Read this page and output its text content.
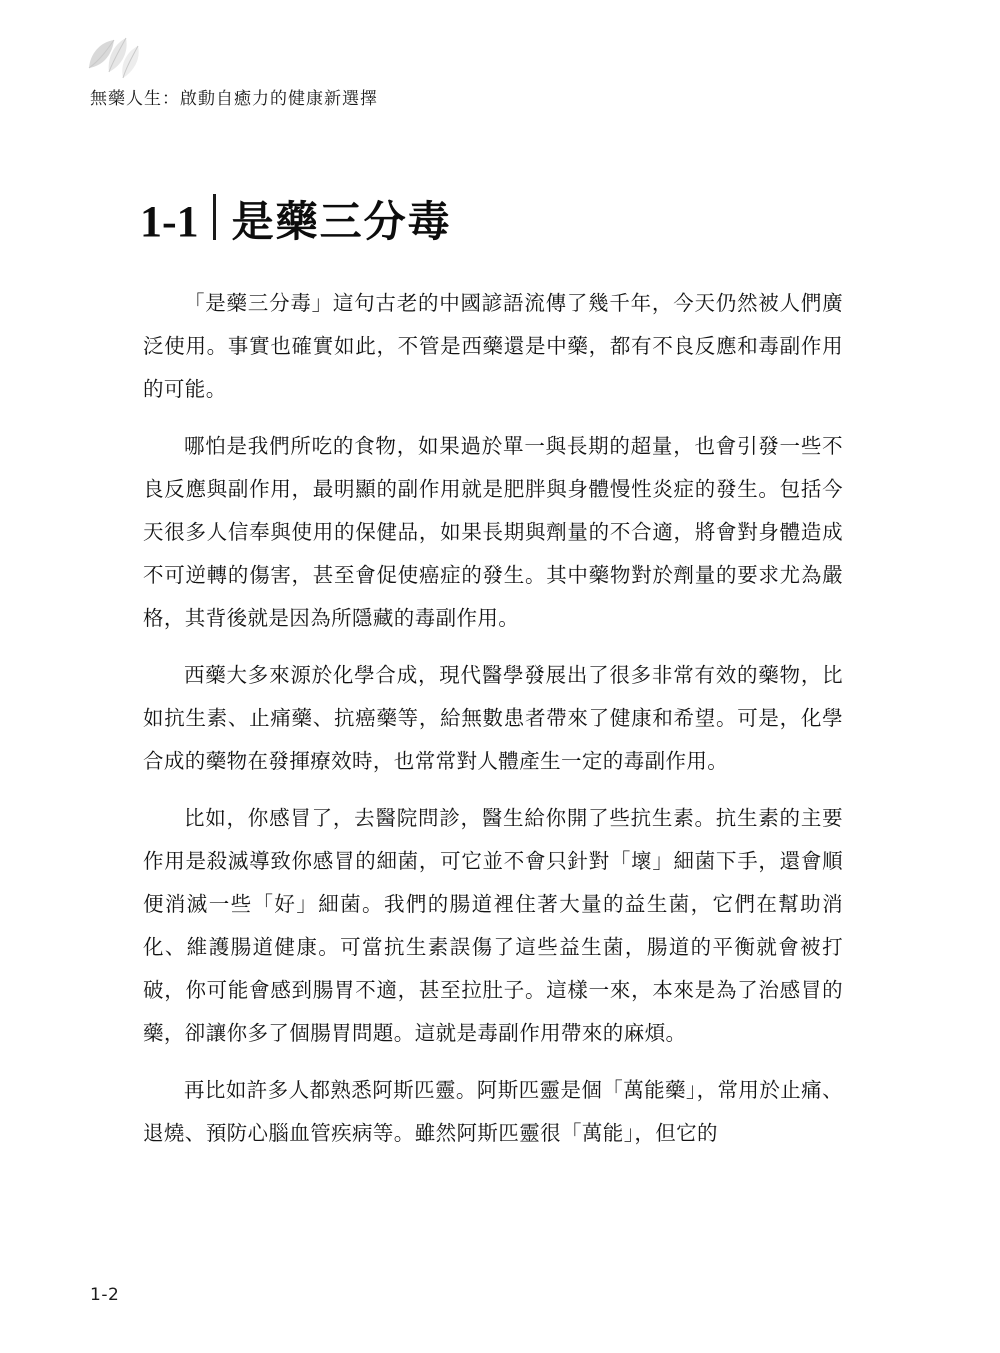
無藥人生：啟動自癒力的健康新選擇
1-1 是藥三分毒

「是藥三分毒」這句古老的中國諺語流傳了幾千年，今天仍然被人們廣泛使用。事實也確實如此，不管是西藥還是中藥，都有不良反應和毒副作用的可能。

哪怕是我們所吃的食物，如果過於單一與長期的超量，也會引發一些不良反應與副作用，最明顯的副作用就是肥胖與身體慢性炎症的發生。包括今天很多人信奉與使用的保健品，如果長期與劑量的不合適，將會對身體造成不可逆轉的傷害，甚至會促使癌症的發生。其中藥物對於劑量的要求尤為嚴格，其背後就是因為所隱藏的毒副作用。

西藥大多來源於化學合成，現代醫學發展出了很多非常有效的藥物，比如抗生素、止痛藥、抗癌藥等，給無數患者帶來了健康和希望。可是，化學合成的藥物在發揮療效時，也常常對人體產生一定的毒副作用。

比如，你感冒了，去醫院問診，醫生給你開了些抗生素。抗生素的主要作用是殺滅導致你感冒的細菌，可它並不會只針對「壞」細菌下手，還會順便消滅一些「好」細菌。我們的腸道裡住著大量的益生菌，它們在幫助消化、維護腸道健康。可當抗生素誤傷了這些益生菌，腸道的平衡就會被打破，你可能會感到腸胃不適，甚至拉肚子。這樣一來，本來是為了治感冒的藥，卻讓你多了個腸胃問題。這就是毒副作用帶來的麻煩。

再比如許多人都熟悉阿斯匹靈。阿斯匹靈是個「萬能藥」，常用於止痛、退燒、預防心腦血管疾病等。雖然阿斯匹靈很「萬能」，但它的

1-2
